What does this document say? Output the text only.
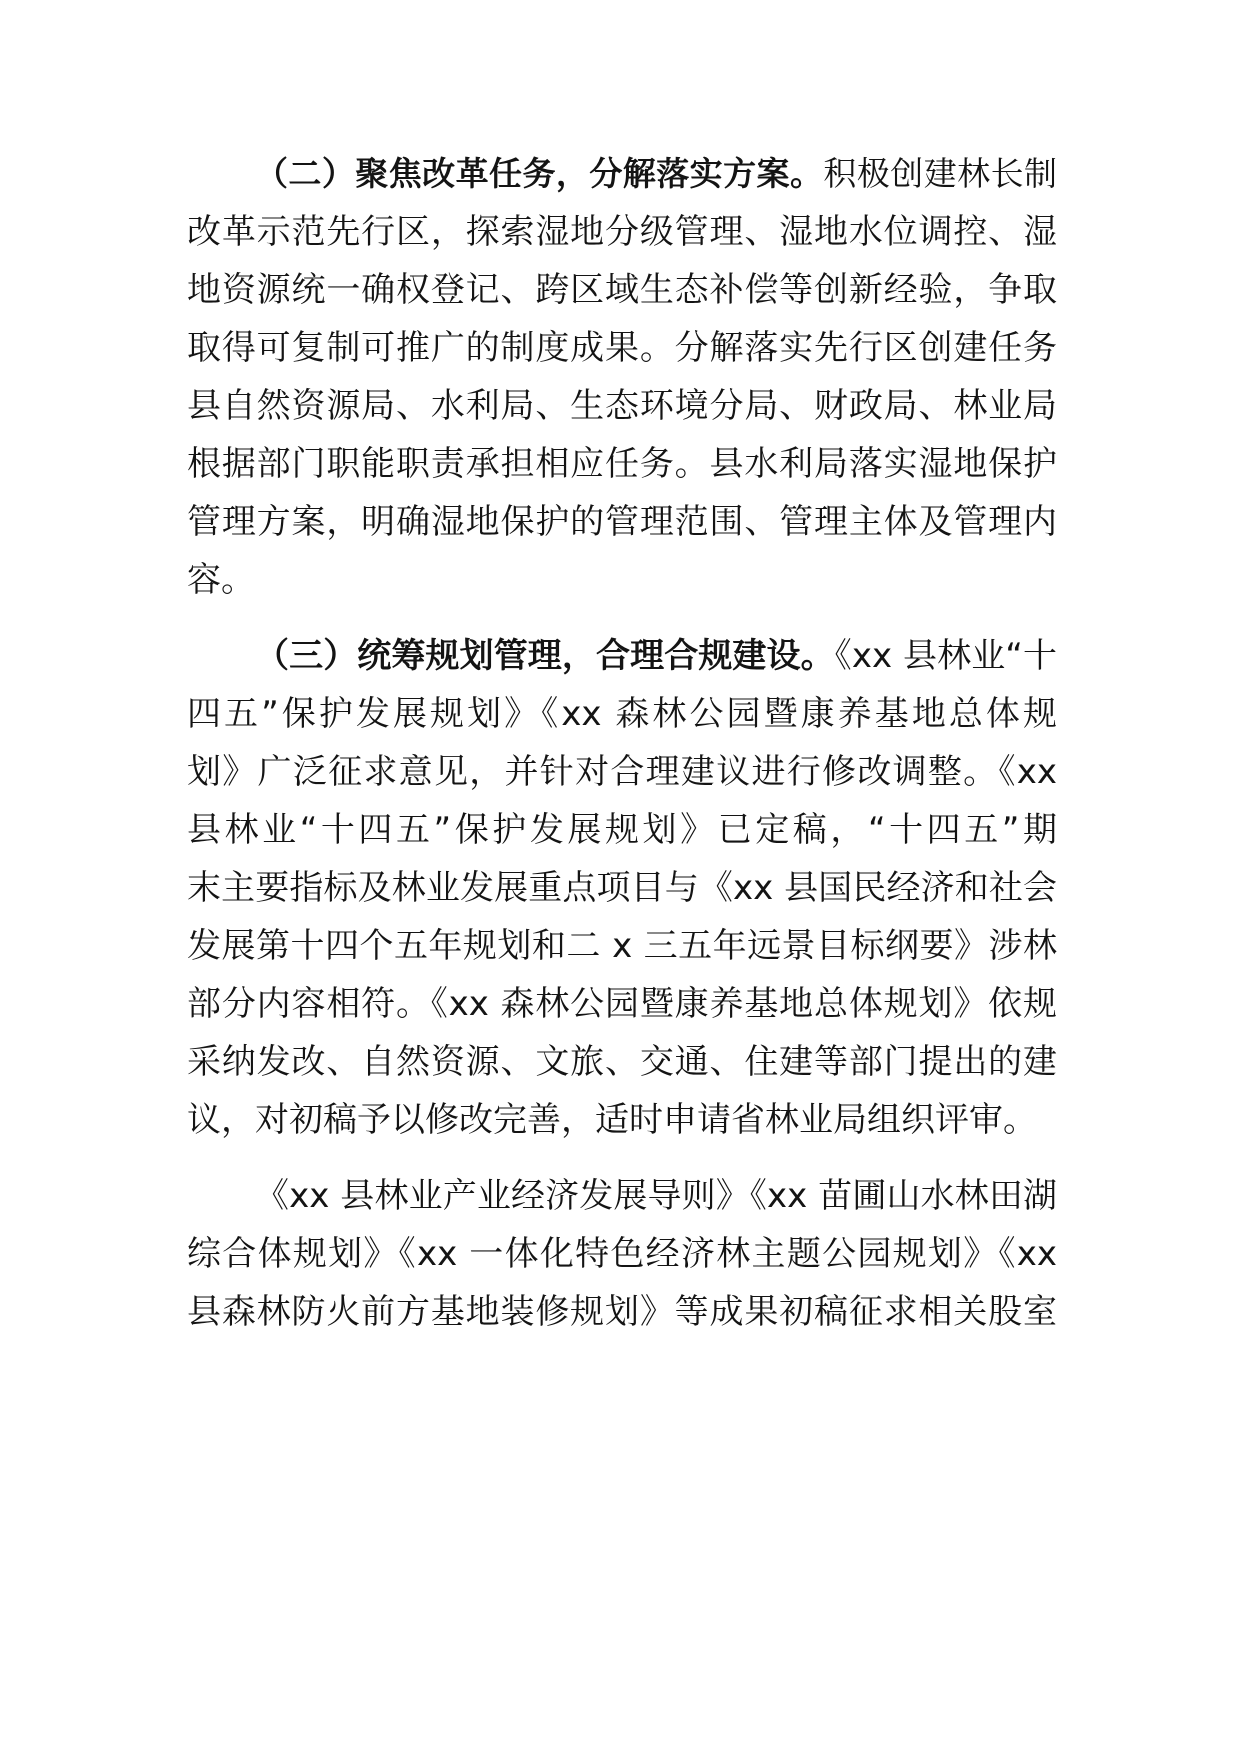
（二）聚焦改革任务，分解落实方案。积极创建林长制
改革示范先行区，探索湿地分级管理、湿地水位调控、湿
地资源统一确权登记、跨区域生态补偿等创新经验，争取
取得可复制可推广的制度成果。分解落实先行区创建任务
县自然资源局、水利局、生态环境分局、财政局、林业局
根据部门职能职责承担相应任务。县水利局落实湿地保护
管理方案，明确湿地保护的管理范围、管理主体及管理内
容。
（三）统筹规划管理，合理合规建设。《xx 县林业“十
四五”保护发展规划》《xx 森林公园暨康养基地总体规
划》广泛征求意见，并针对合理建议进行修改调整。《xx
县林业“十四五”保护发展规划》已定稿，“十四五”期
末主要指标及林业发展重点项目与《xx 县国民经济和社会
发展第十四个五年规划和二 x 三五年远景目标纲要》涉林
部分内容相符。《xx 森林公园暨康养基地总体规划》依规
采纳发改、自然资源、文旅、交通、住建等部门提出的建
议，对初稿予以修改完善，适时申请省林业局组织评审。
《xx 县林业产业经济发展导则》《xx 苗圃山水林田湖
综合体规划》《xx 一体化特色经济林主题公园规划》《xx
县森林防火前方基地装修规划》等成果初稿征求相关股室
